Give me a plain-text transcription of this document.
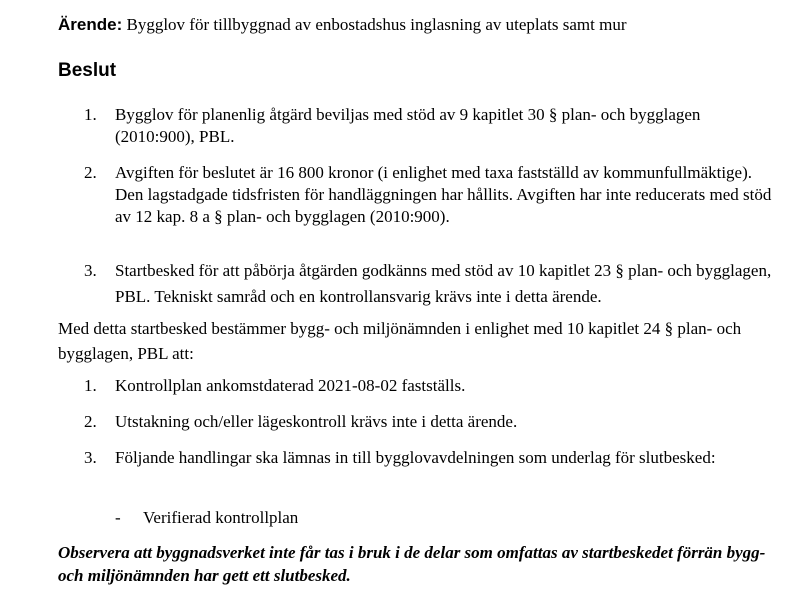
Ärende: Bygglov för tillbyggnad av enbostadshus inglasning av uteplats samt mur
Beslut
1.	Bygglov för planenlig åtgärd beviljas med stöd av 9 kapitlet 30 § plan- och bygglagen (2010:900), PBL.
2.	Avgiften för beslutet är 16 800 kronor (i enlighet med taxa fastställd av kommunfullmäktige). Den lagstadgade tidsfristen för handläggningen har hållits. Avgiften har inte reducerats med stöd av 12 kap. 8 a § plan- och bygglagen (2010:900).
3.	Startbesked för att påbörja åtgärden godkänns med stöd av 10 kapitlet 23 § plan- och bygglagen, PBL. Tekniskt samråd och en kontrollansvarig krävs inte i detta ärende.
Med detta startbesked bestämmer bygg- och miljönämnden i enlighet med 10 kapitlet 24 § plan- och bygglagen, PBL att:
1.	Kontrollplan ankomstdaterad 2021-08-02 fastställs.
2.	Utstakning och/eller lägeskontroll krävs inte i detta ärende.
3.	Följande handlingar ska lämnas in till bygglovavdelningen som underlag för slutbesked:
- Verifierad kontrollplan
Observera att byggnadsverket inte får tas i bruk i de delar som omfattas av startbeskedet förrän bygg- och miljönämnden har gett ett slutbesked.
